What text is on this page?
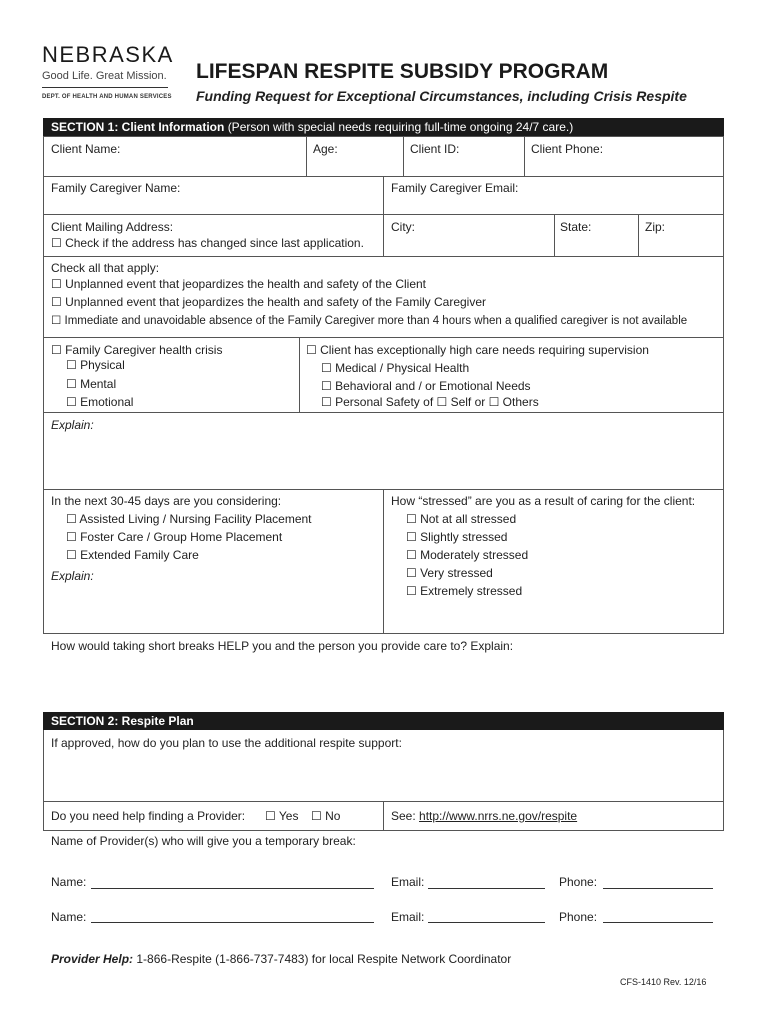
NEBRASKA
Good Life. Great Mission.
DEPT. OF HEALTH AND HUMAN SERVICES
LIFESPAN RESPITE SUBSIDY PROGRAM
Funding Request for Exceptional Circumstances, including Crisis Respite
SECTION 1: Client Information (Person with special needs requiring full-time ongoing 24/7 care.)
Client Name:	Age:	Client ID:	Client Phone:
Family Caregiver Name:	Family Caregiver Email:
Client Mailing Address:
☐ Check if the address has changed since last application.
City:	State:	Zip:
Check all that apply:
☐ Unplanned event that jeopardizes the health and safety of the Client
☐ Unplanned event that jeopardizes the health and safety of the Family Caregiver
☐ Immediate and unavoidable absence of the Family Caregiver more than 4 hours when a qualified caregiver is not available
☐ Family Caregiver health crisis
☐ Physical
☐ Mental
☐ Emotional
☐ Client has exceptionally high care needs requiring supervision
☐ Medical / Physical Health
☐ Behavioral and / or Emotional Needs
☐ Personal Safety of ☐ Self or ☐ Others
Explain:
In the next 30-45 days are you considering:
☐ Assisted Living / Nursing Facility Placement
☐ Foster Care / Group Home Placement
☐ Extended Family Care
Explain:
How “stressed” are you as a result of caring for the client:
☐ Not at all stressed
☐ Slightly stressed
☐ Moderately stressed
☐ Very stressed
☐ Extremely stressed
How would taking short breaks HELP you and the person you provide care to? Explain:
SECTION 2: Respite Plan
If approved, how do you plan to use the additional respite support:
Do you need help finding a Provider: ☐ Yes ☐ No	See: http://www.nrrs.ne.gov/respite
Name of Provider(s) who will give you a temporary break:
Name:	Email:	Phone:
Name:	Email:	Phone:
Provider Help: 1-866-Respite (1-866-737-7483) for local Respite Network Coordinator
CFS-1410 Rev. 12/16
